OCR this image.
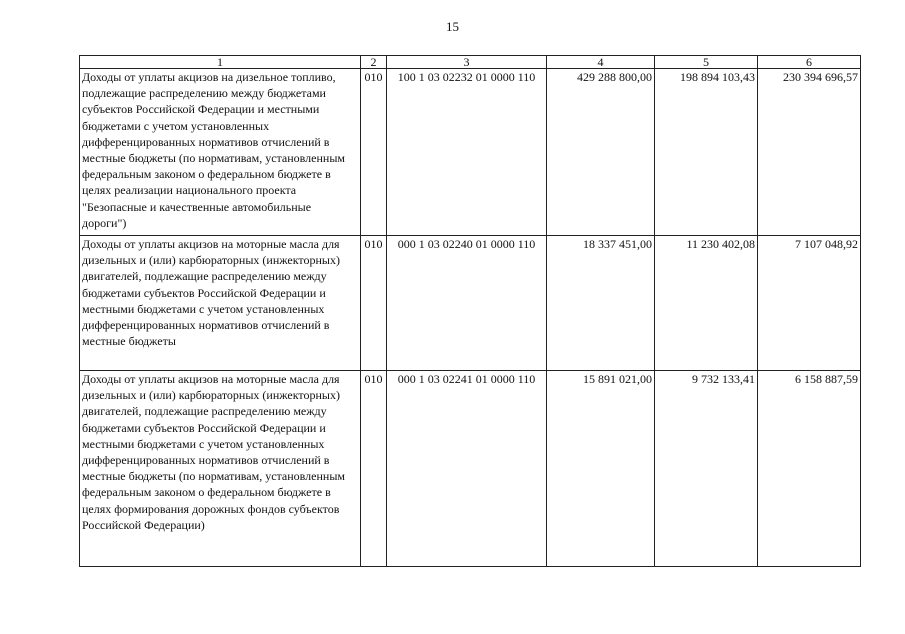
15
1	2	3	4	5	6
Доходы от уплаты акцизов на дизельное топливо, подлежащие распределению между бюджетами субъектов Российской Федерации и местными бюджетами с учетом установленных дифференцированных нормативов отчислений в местные бюджеты (по нормативам, установленным федеральным законом о федеральном бюджете в целях реализации национального проекта "Безопасные и качественные автомобильные дороги")	010	100 1 03 02232 01 0000 110	429 288 800,00	198 894 103,43	230 394 696,57
Доходы от уплаты акцизов на моторные масла для дизельных и (или) карбюраторных (инжекторных) двигателей, подлежащие распределению между бюджетами субъектов Российской Федерации и местными бюджетами с учетом установленных дифференцированных нормативов отчислений в местные бюджеты	010	000 1 03 02240 01 0000 110	18 337 451,00	11 230 402,08	7 107 048,92
Доходы от уплаты акцизов на моторные масла для дизельных и (или) карбюраторных (инжекторных) двигателей, подлежащие распределению между бюджетами субъектов Российской Федерации и местными бюджетами с учетом установленных дифференцированных нормативов отчислений в местные бюджеты (по нормативам, установленным федеральным законом о федеральном бюджете в целях формирования дорожных фондов субъектов Российской Федерации)	010	000 1 03 02241 01 0000 110	15 891 021,00	9 732 133,41	6 158 887,59
